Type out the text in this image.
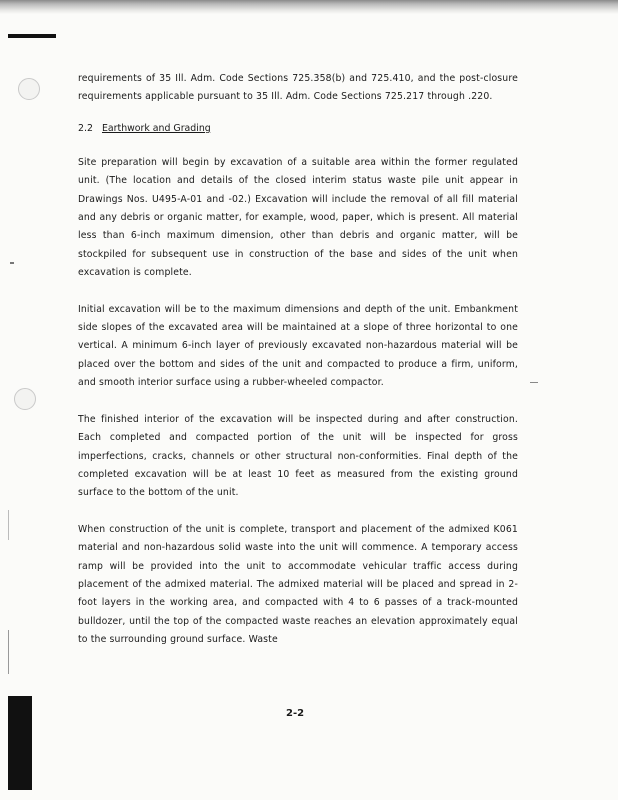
requirements of 35 Ill. Adm. Code Sections 725.358(b) and 725.410, and the post-closure requirements applicable pursuant to 35 Ill. Adm. Code Sections 725.217 through .220.

2.2 Earthwork and Grading

Site preparation will begin by excavation of a suitable area within the former regulated unit. (The location and details of the closed interim status waste pile unit appear in Drawings Nos. U495-A-01 and -02.) Excavation will include the removal of all fill material and any debris or organic matter, for example, wood, paper, which is present. All material less than 6-inch maximum dimension, other than debris and organic matter, will be stockpiled for subsequent use in construction of the base and sides of the unit when excavation is complete.

Initial excavation will be to the maximum dimensions and depth of the unit. Embankment side slopes of the excavated area will be maintained at a slope of three horizontal to one vertical. A minimum 6-inch layer of previously excavated non-hazardous material will be placed over the bottom and sides of the unit and compacted to produce a firm, uniform, and smooth interior surface using a rubber-wheeled compactor.

The finished interior of the excavation will be inspected during and after construction. Each completed and compacted portion of the unit will be inspected for gross imperfections, cracks, channels or other structural non-conformities. Final depth of the completed excavation will be at least 10 feet as measured from the existing ground surface to the bottom of the unit.

When construction of the unit is complete, transport and placement of the admixed K061 material and non-hazardous solid waste into the unit will commence. A temporary access ramp will be provided into the unit to accommodate vehicular traffic access during placement of the admixed material. The admixed material will be placed and spread in 2-foot layers in the working area, and compacted with 4 to 6 passes of a track-mounted bulldozer, until the top of the compacted waste reaches an elevation approximately equal to the surrounding ground surface. Waste

2-2
